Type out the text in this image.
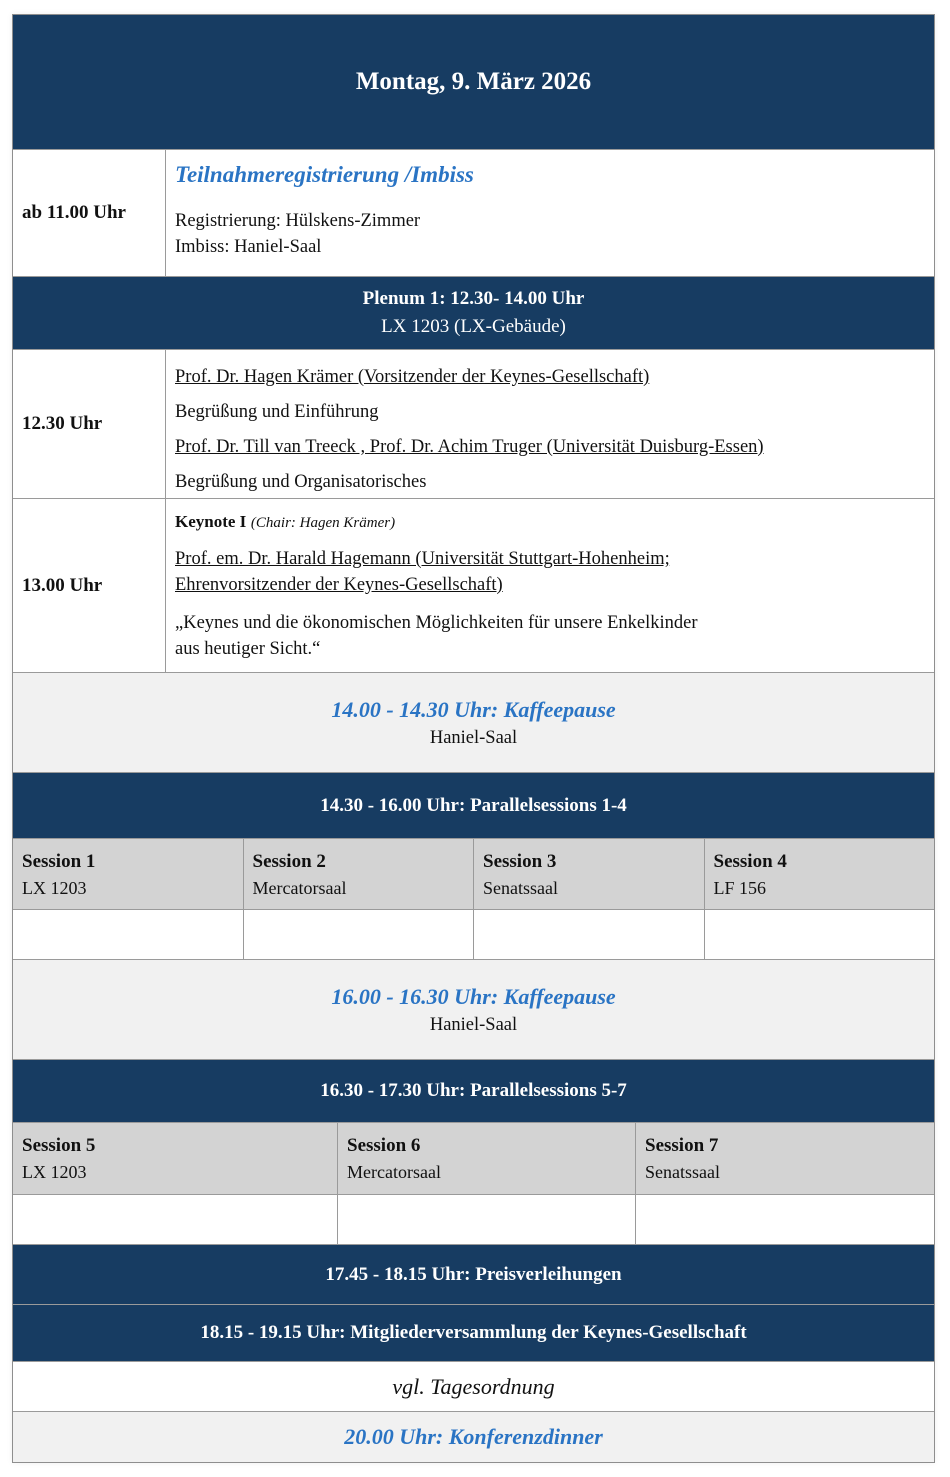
Montag, 9. März 2026
ab 11.00 Uhr
Teilnahmeregistrierung /Imbiss
Registrierung: Hülskens-Zimmer
Imbiss: Haniel-Saal
Plenum 1: 12.30- 14.00 Uhr
LX 1203 (LX-Gebäude)
12.30 Uhr
Prof. Dr. Hagen Krämer (Vorsitzender der Keynes-Gesellschaft)
Begrüßung und Einführung
Prof. Dr. Till van Treeck , Prof. Dr. Achim Truger (Universität Duisburg-Essen)
Begrüßung und Organisatorisches
13.00 Uhr
Keynote I (Chair: Hagen Krämer)
Prof. em. Dr. Harald Hagemann (Universität Stuttgart-Hohenheim;
Ehrenvorsitzender der Keynes-Gesellschaft)
„Keynes und die ökonomischen Möglichkeiten für unsere Enkelkinder
aus heutiger Sicht.“
14.00 - 14.30 Uhr: Kaffeepause
Haniel-Saal
14.30 - 16.00 Uhr: Parallelsessions 1-4
Session 1
LX 1203
Session 2
Mercatorsaal
Session 3
Senatssaal
Session 4
LF 156
16.00 - 16.30 Uhr: Kaffeepause
Haniel-Saal
16.30 - 17.30 Uhr: Parallelsessions 5-7
Session 5
LX 1203
Session 6
Mercatorsaal
Session 7
Senatssaal
17.45 - 18.15 Uhr: Preisverleihungen
18.15 - 19.15 Uhr: Mitgliederversammlung der Keynes-Gesellschaft
vgl. Tagesordnung
20.00 Uhr: Konferenzdinner
